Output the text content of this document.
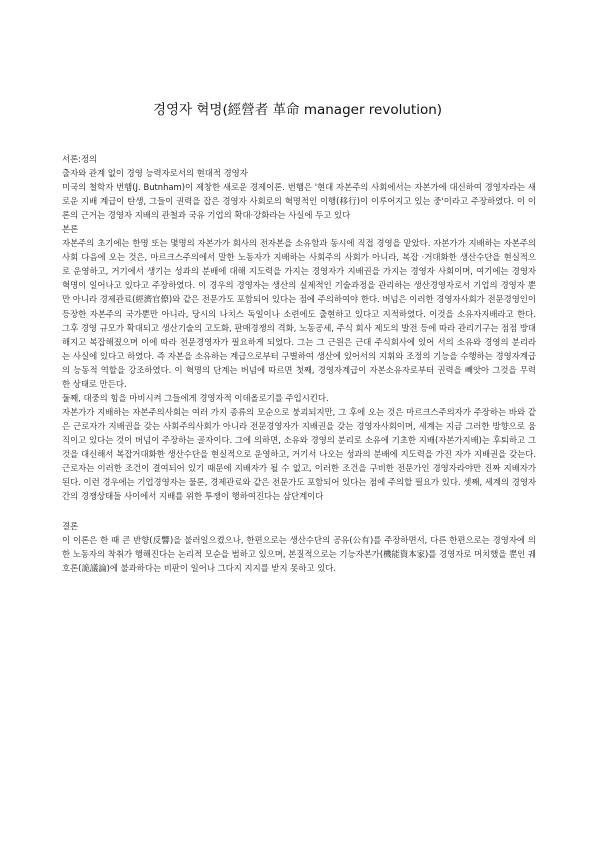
경영자 혁명(經營者 革命 manager revolution)
서론:정의
출자와 관계 없이 경영 능력자로서의 현대적 경영자

미국의 철학자 번햄(J. Butnham)이 제창한 새로운 경제이론. 번햄은 '현대 자본주의 사회에서는 자본가에 대신하여 경영자라는 새로운 지배 계급이 탄생, 그들이 권력을 잡은 경영자 사회로의 혁명적인 이행(移行)이 이루어지고 있는 중'이라고 주장하였다. 이 이론의 근거는 경영자 지배의 관철과 국유 기업의 확대·강화라는 사실에 두고 있다

본론

자본주의 초기에는 한명 또는 몇명의 자본가가 회사의 전자본을 소유함과 동시에 직접 경영을 맡았다. 자본가가 지배하는 자본주의 사회 다음에 오는 것은, 마르크스주의에서 말한 노동자가 지배하는 사회주의 사회가 아니라, 복잡 ·거대화한 생산수단을 현실적으로 운영하고, 거기에서 생기는 성과의 분배에 대해 지도력을 가지는 경영자가 지배권을 가지는 경영자 사회이며, 여기에는 경영자혁명이 일어나고 있다고 주장하였다. 이 경우의 경영자는 생산의 실제적인 기술과정을 관리하는 생산경영자로서 기업의 경영자 뿐만 아니라 경제관료(經濟官僚)와 같은 전문가도 포함되어 있다는 점에 주의하여야 한다. 버넘은 이러한 경영자사회가 전문경영인이 등장한 자본주의 국가뿐만 아니라, 당시의 나치스 독일이나 소련에도 출현하고 있다고 지적하였다. 이것을 소유자지배라고 한다. 그후 경영 규모가 확대되고 생산기술의 고도화, 판매경쟁의 격화, 노동공세, 주식 회사 제도의 발전 등에 따라 관리기구는 점점 방대해지고 복잡해졌으며 이에 따라 전문경영자가 필요하게 되었다. 그는 그 근원은 근대 주식회사에 있어 서의 소유와 경영의 분리라는 사실에 있다고 하였다. 즉 자본을 소유하는 계급으로부터 구별하여 생산에 있어서의 지휘와 조정의 기능을 수행하는 경영자계급의 능동적 역할을 강조하였다. 이 혁명의 단계는 버넘에 따르면 첫째, 경영자계급이 자본소유자로부터 권력을 빼앗아 그것을 무력한 상태로 만든다.

둘째, 대중의 힘을 마비시켜 그들에게 경영자적 이데올로기를 주입시킨다.

자본가가 지배하는 자본주의사회는 여러 가지 종류의 모순으로 붕괴되지만, 그 후에 오는 것은 마르크스주의자가 주장하는 바와 같은 근로자가 지배권을 갖는 사회주의사회가 아니라 전문경영자가 지배권을 갖는 경영자사회이며, 세계는 지금 그러한 방향으로 움직이고 있다는 것이 버넘이 주장하는 골자이다. 그에 의하면, 소유와 경영의 분리로 소유에 기초한 지배(자본가지배)는 후퇴하고 그것을 대신해서 복잡거대화한 생산수단을 현실적으로 운영하고, 거기서 나오는 성과의 분배에 지도력을 가진 자가 지배권을 갖는다. 근로자는 이러한 조건이 결여되어 있기 때문에 지배자가 될 수 없고, 이러한 조건을 구비한 전문가인 경영자라야만 진짜 지배자가 된다. 이런 경우에는 기업경영자는 물론, 경제관료와 같은 전문가도 포함되어 있다는 점에 주의할 필요가 있다. 셋째, 세계의 경영자간의 경쟁상태들 사이에서 지배를 위한 투쟁이 행하여진다는 삼단계이다

결론

이 이론은 한 때 큰 반향(反響)을 불러일으켰으나, 한편으로는 생산수단의 공유(公有)를 주장하면서, 다른 한편으로는 경영자에 의한 노동자의 착취가 행해진다는 논리적 모순을 범하고 있으며, 본질적으로는 기능자본가(機能資本家)를 경영자로 머치했을 뿐인 궤호론(詭議論)에 불과하다는 비판이 일어나 그다지 지지를 받지 못하고 있다.
